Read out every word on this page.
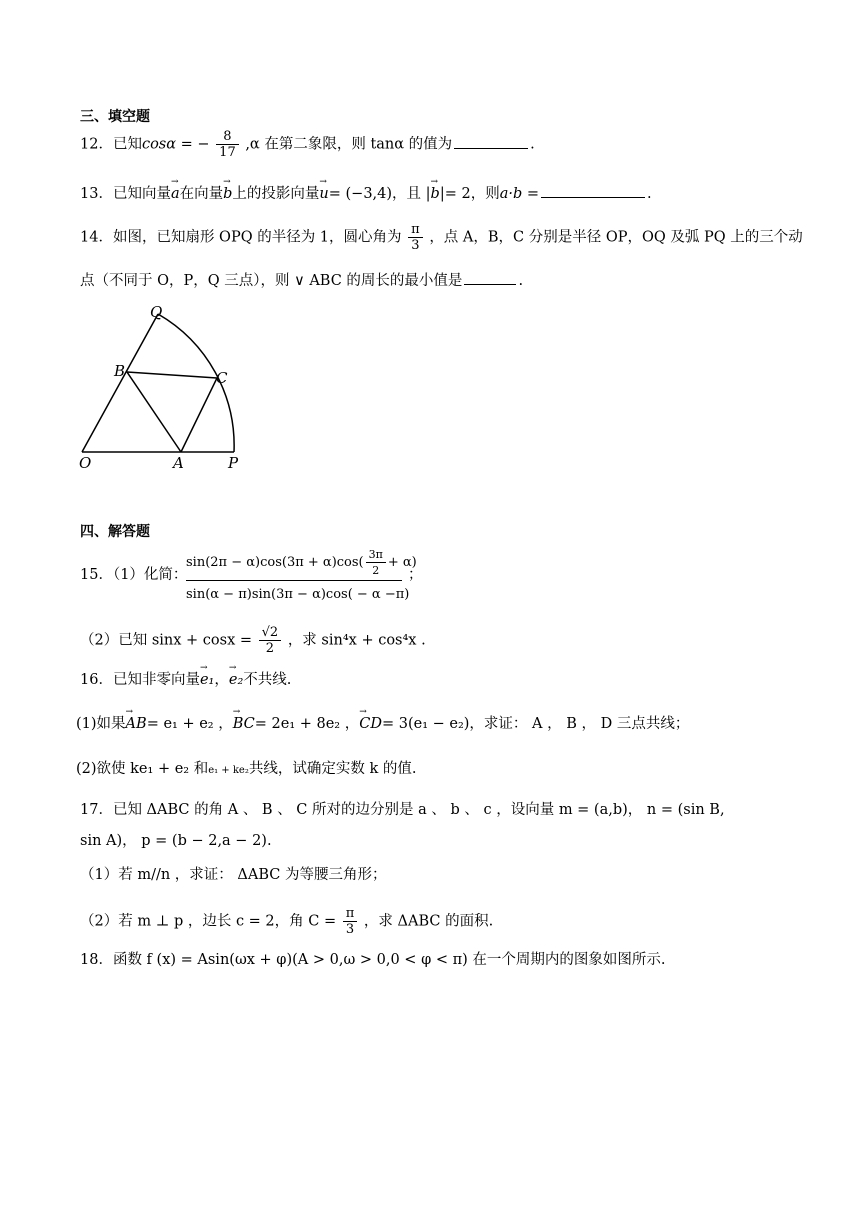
三、填空题
12．已知cosα = − $\frac{8}{17} ,\alpha$ 在第二象限，则 tanα 的值为	.
13．已知向量→ a在向量→ b上的投影向量→ u= (−3,4)，且 |→ b|= 2，则a·b =	.
14．如图，已知扇形 OPQ 的半径为 1，圆心角为 $\frac{\pi}{3}$ ，点 A，B，C 分别是半径 OP，OQ 及弧 PQ 上的三个动
点（不同于 O，P，Q 三点），则 ∨ ABC 的周长的最小值是	.
Q
B	C
O	A	P
四、解答题
15．（1）化简：
$\sin(2\pi - \alpha)\cos(3\pi + \alpha)\cos( \frac{3\pi}{2} + \alpha)$
sin(α − π)sin(3π − α)cos( − α −π)
；
（2）已知 $\sin x + \cos x = \frac{√2}{2}$ ，求 sin⁴x + cos⁴x .
16．已知非零向量→ e₁，→ e₂不共线.
(1)如果→ AB= e₁ + e₂ ，→ BC= 2e₁ + 8e₂ ，→ CD= 3(e₁ − e₂)，求证： A ， B ， D 三点共线；
(2)欲使 ke₁ + e₂ 和e₁ + ke₂共线，试确定实数 k 的值.
17．已知 ΔABC 的角 A 、 B 、 C 所对的边分别是 a 、 b 、 c ，设向量 m = (a,b)， n = (sin B,
sin A)， p = (b − 2,a − 2).
（1）若 m//n ，求证： ΔABC 为等腰三角形；
（2）若 m ⊥ p ，边长 c = 2，角 $C = \frac{\pi}{3}$ ，求 ΔABC 的面积.
18．函数 f (x) = Asin(ωx + φ)(A > 0,ω > 0,0 < φ < π) 在一个周期内的图象如图所示.
